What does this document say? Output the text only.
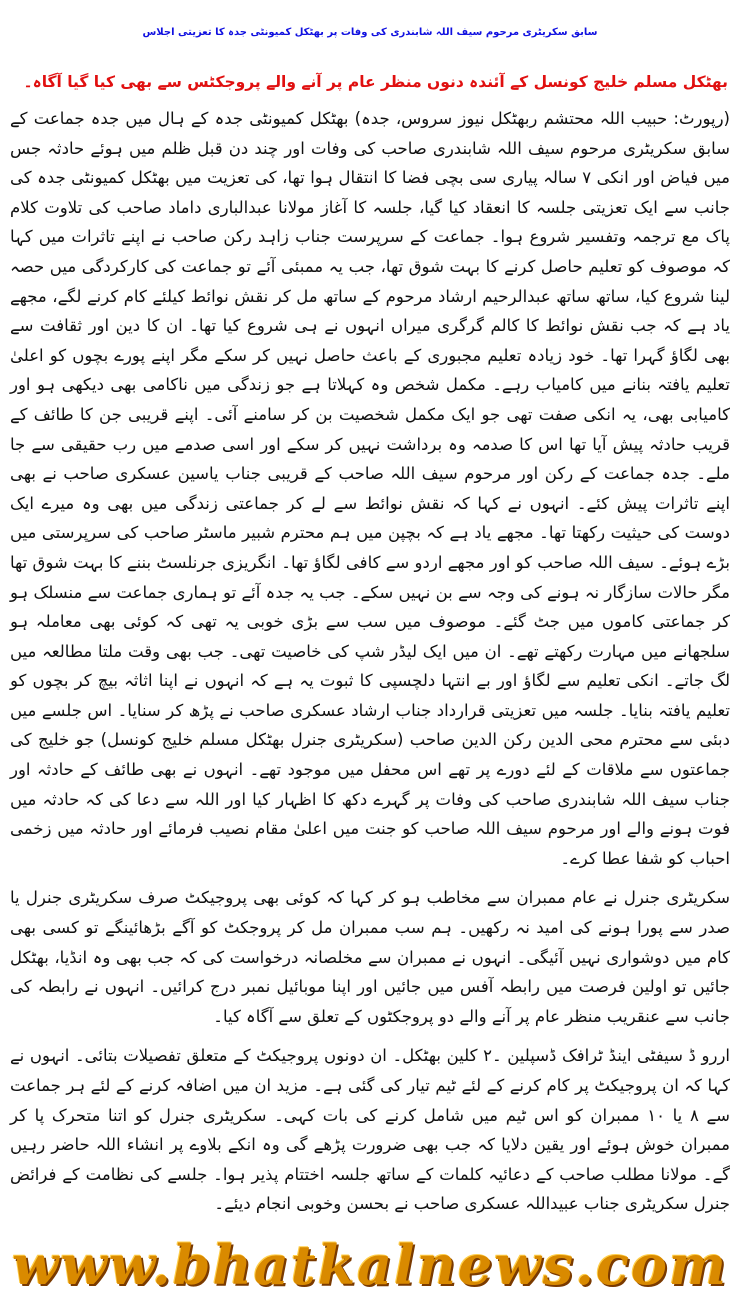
سابق سکریٹری مرحوم سیف اللہ شابندری کی وفات پر بھٹکل کمیونٹی جدہ کا تعزیتی اجلاس
بھٹکل مسلم خلیج کونسل کے آئندہ دنوں منظر عام پر آنے والے پروجکٹس سے بھی کیا گیا آگاہ۔

(رپورٹ: حبیب اللہ محتشم ربھٹکل نیوز سروس، جدہ) بھٹکل کمیونٹی جدہ کے ہال میں جدہ جماعت کے سابق سکریٹری مرحوم سیف اللہ شابندری صاحب کی وفات اور چند دن قبل ظلم میں ہوئے حادثہ جس میں فیاض اور انکی ۷ سالہ پیاری سی بچی فضا کا انتقال ہوا تھا، کی تعزیت میں بھٹکل کمیونٹی جدہ کی جانب سے ایک تعزیتی جلسہ کا انعقاد کیا گیا، جلسہ کا آغاز مولانا عبدالباری داماد صاحب کی تلاوت کلام پاک مع ترجمہ وتفسیر شروع ہوا۔ جماعت کے سرپرست جناب زاہد رکن صاحب نے اپنے تاثرات میں کہا کہ موصوف کو تعلیم حاصل کرنے کا بہت شوق تھا، جب یہ ممبئی آئے تو جماعت کی کارکردگی میں حصہ لینا شروع کیا، ساتھ ساتھ عبدالرحیم ارشاد مرحوم کے ساتھ مل کر نقش نوائط کیلئے کام کرنے لگے، مجھے یاد ہے کہ جب نقش نوائط کا کالم گرگری میراں انہوں نے ہی شروع کیا تھا۔ ان کا دین اور ثقافت سے بھی لگاؤ گہرا تھا۔ خود زیادہ تعلیم مجبوری کے باعث حاصل نہیں کر سکے مگر اپنے پورے بچوں کو اعلیٰ تعلیم یافتہ بنانے میں کامیاب رہے۔ مکمل شخص وہ کہلاتا ہے جو زندگی میں ناکامی بھی دیکھی ہو اور کامیابی بھی، یہ انکی صفت تھی جو ایک مکمل شخصیت بن کر سامنے آئی۔ اپنے قریبی جن کا طائف کے قریب حادثہ پیش آیا تھا اس کا صدمہ وہ برداشت نہیں کر سکے اور اسی صدمے میں رب حقیقی سے جا ملے۔ جدہ جماعت کے رکن اور مرحوم سیف اللہ صاحب کے قریبی جناب یاسین عسکری صاحب نے بھی اپنے تاثرات پیش کئے۔ انہوں نے کہا کہ نقش نوائط سے لے کر جماعتی زندگی میں بھی وہ میرے ایک دوست کی حیثیت رکھتا تھا۔ مجھے یاد ہے کہ بچپن میں ہم محترم شبیر ماسٹر صاحب کی سرپرستی میں بڑے ہوئے۔ سیف اللہ صاحب کو اور مجھے اردو سے کافی لگاؤ تھا۔ انگریزی جرنلسٹ بننے کا بہت شوق تھا مگر حالات سازگار نہ ہونے کی وجہ سے بن نہیں سکے۔ جب یہ جدہ آئے تو ہماری جماعت سے منسلک ہو کر جماعتی کاموں میں جٹ گئے۔ موصوف میں سب سے بڑی خوبی یہ تھی کہ کوئی بھی معاملہ ہو سلجھانے میں مہارت رکھتے تھے۔ ان میں ایک لیڈر شپ کی خاصیت تھی۔ جب بھی وقت ملتا مطالعہ میں لگ جاتے۔ انکی تعلیم سے لگاؤ اور بے انتہا دلچسپی کا ثبوت یہ ہے کہ انہوں نے اپنا اثاثہ بیچ کر بچوں کو تعلیم یافتہ بنایا۔ جلسہ میں تعزیتی قرارداد جناب ارشاد عسکری صاحب نے پڑھ کر سنایا۔ اس جلسے میں دبئی سے محترم محی الدین رکن الدین صاحب (سکریٹری جنرل بھٹکل مسلم خلیج کونسل) جو خلیج کی جماعتوں سے ملاقات کے لئے دورے پر تھے اس محفل میں موجود تھے۔ انہوں نے بھی طائف کے حادثہ اور جناب سیف اللہ شابندری صاحب کی وفات پر گہرے دکھ کا اظہار کیا اور اللہ سے دعا کی کہ حادثہ میں فوت ہونے والے اور مرحوم سیف اللہ صاحب کو جنت میں اعلیٰ مقام نصیب فرمائے اور حادثہ میں زخمی احباب کو شفا عطا کرے۔

سکریٹری جنرل نے عام ممبران سے مخاطب ہو کر کہا کہ کوئی بھی پروجیکٹ صرف سکریٹری جنرل یا صدر سے پورا ہونے کی امید نہ رکھیں۔ ہم سب ممبران مل کر پروجکٹ کو آگے بڑھائینگے تو کسی بھی کام میں دوشواری نہیں آئیگی۔ انہوں نے ممبران سے مخلصانہ درخواست کی کہ جب بھی وہ انڈیا، بھٹکل جائیں تو اولین فرصت میں رابطہ آفس میں جائیں اور اپنا موبائیل نمبر درج کرائیں۔ انہوں نے رابطہ کی جانب سے عنقریب منظر عام پر آنے والے دو پروجکٹوں کے تعلق سے آگاہ کیا۔

اررو ڈ سیفٹی اینڈ ٹرافک ڈسپلین ۔۲ کلین بھٹکل۔ ان دونوں پروجیکٹ کے متعلق تفصیلات بتائی۔ انہوں نے کہا کہ ان پروجیکٹ پر کام کرنے کے لئے ٹیم تیار کی گئی ہے۔ مزید ان میں اضافہ کرنے کے لئے ہر جماعت سے ۸ یا ۱۰ ممبران کو اس ٹیم میں شامل کرنے کی بات کہی۔ سکریٹری جنرل کو اتنا متحرک پا کر ممبران خوش ہوئے اور یقین دلایا کہ جب بھی ضرورت پڑھے گی وہ انکے بلاوے پر انشاء اللہ حاضر رہیں گے۔ مولانا مطلب صاحب کے دعائیہ کلمات کے ساتھ جلسہ اختتام پذیر ہوا۔ جلسے کی نظامت کے فرائض جنرل سکریٹری جناب عبیداللہ عسکری صاحب نے بحسن وخوبی انجام دیئے۔

www.bhatkalnews.com
